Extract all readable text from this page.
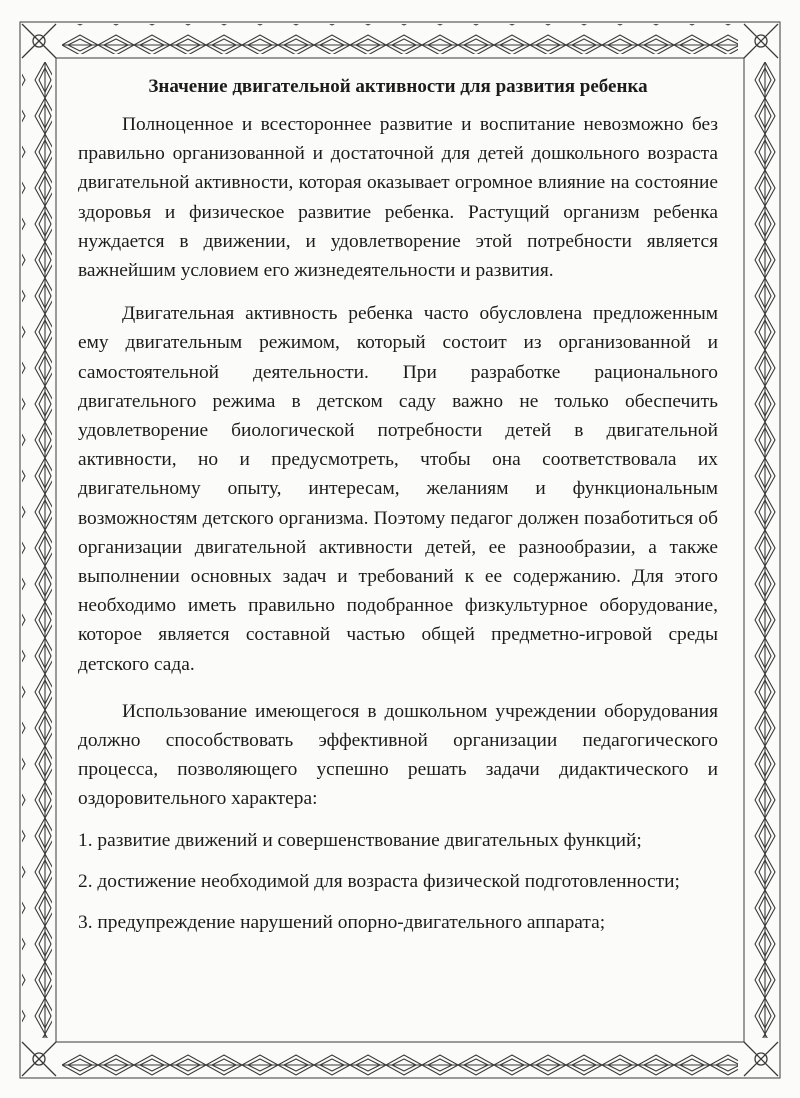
Значение двигательной активности для развития ребенка

Полноценное и всестороннее развитие и воспитание невозможно без правильно организованной и достаточной для детей дошкольного возраста двигательной активности, которая оказывает огромное влияние на состояние здоровья и физическое развитие ребенка. Растущий организм ребенка нуждается в движении, и удовлетворение этой потребности является важнейшим условием его жизнедеятельности и развития.

Двигательная активность ребенка часто обусловлена предложенным ему двигательным режимом, который состоит из организованной и самостоятельной деятельности. При разработке рационального двигательного режима в детском саду важно не только обеспечить удовлетворение биологической потребности детей в двигательной активности, но и предусмотреть, чтобы она соответствовала их двигательному опыту, интересам, желаниям и функциональным возможностям детского организма. Поэтому педагог должен позаботиться об организации двигательной активности детей, ее разнообразии, а также выполнении основных задач и требований к ее содержанию. Для этого необходимо иметь правильно подобранное физкультурное оборудование, которое является составной частью общей предметно-игровой среды детского сада.

Использование имеющегося в дошкольном учреждении оборудования должно способствовать эффективной организации педагогического процесса, позволяющего успешно решать задачи дидактического и оздоровительного характера:

1. развитие движений и совершенствование двигательных функций;

2. достижение необходимой для возраста физической подготовленности;

3. предупреждение нарушений опорно-двигательного аппарата;
